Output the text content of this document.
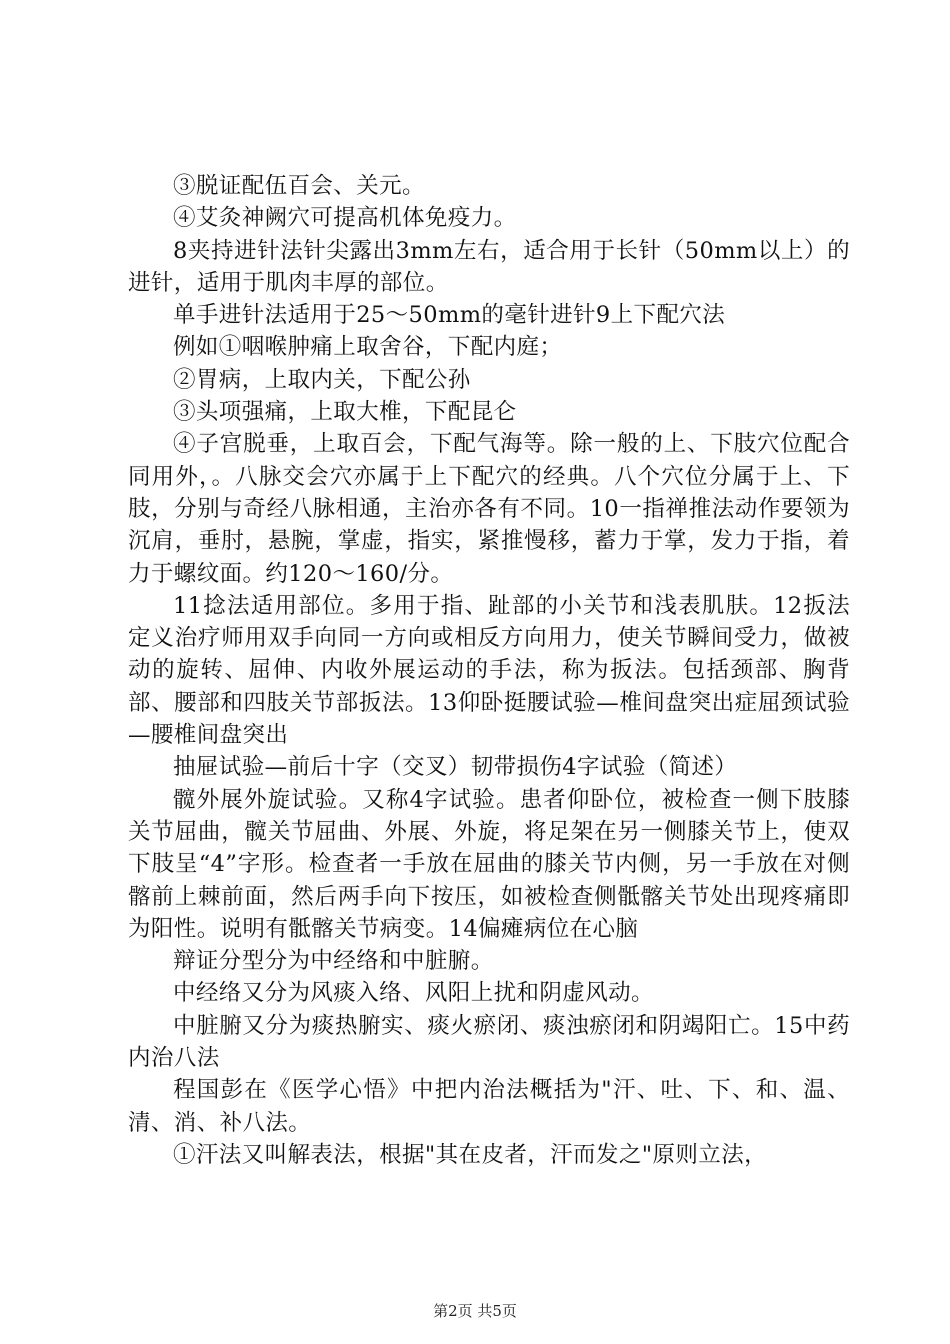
③脱证配伍百会、关元。

④艾灸神阙穴可提高机体免疫力。

8夹持进针法针尖露出3mm左右，适合用于长针（50mm以上）的进针，适用于肌肉丰厚的部位。

单手进针法适用于25～50mm的毫针进针9上下配穴法

例如①咽喉肿痛上取舍谷，下配内庭；

②胃病，上取内关，下配公孙

③头项强痛，上取大椎，下配昆仑

④子宫脱垂，上取百会，下配气海等。除一般的上、下肢穴位配合同用外，。八脉交会穴亦属于上下配穴的经典。八个穴位分属于上、下肢，分别与奇经八脉相通，主治亦各有不同。10一指禅推法动作要领为沉肩，垂肘，悬腕，掌虚，指实，紧推慢移，蓄力于掌，发力于指，着力于螺纹面。约120～160/分。

11捻法适用部位。多用于指、趾部的小关节和浅表肌肤。12扳法定义治疗师用双手向同一方向或相反方向用力，使关节瞬间受力，做被动的旋转、屈伸、内收外展运动的手法，称为扳法。包括颈部、胸背部、腰部和四肢关节部扳法。13仰卧挺腰试验—椎间盘突出症屈颈试验—腰椎间盘突出

抽屉试验—前后十字（交叉）韧带损伤4字试验（简述）

髋外展外旋试验。又称4字试验。患者仰卧位，被检查一侧下肢膝关节屈曲，髋关节屈曲、外展、外旋，将足架在另一侧膝关节上，使双下肢呈“4”字形。检查者一手放在屈曲的膝关节内侧，另一手放在对侧髂前上棘前面，然后两手向下按压，如被检查侧骶髂关节处出现疼痛即为阳性。说明有骶髂关节病变。14偏瘫病位在心脑

辩证分型分为中经络和中脏腑。

中经络又分为风痰入络、风阳上扰和阴虚风动。

中脏腑又分为痰热腑实、痰火瘀闭、痰浊瘀闭和阴竭阳亡。15中药内治八法

程国彭在《医学心悟》中把内治法概括为"汗、吐、下、和、温、清、消、补八法。

①汗法又叫解表法，根据"其在皮者，汗而发之"原则立法，

第2页 共5页
